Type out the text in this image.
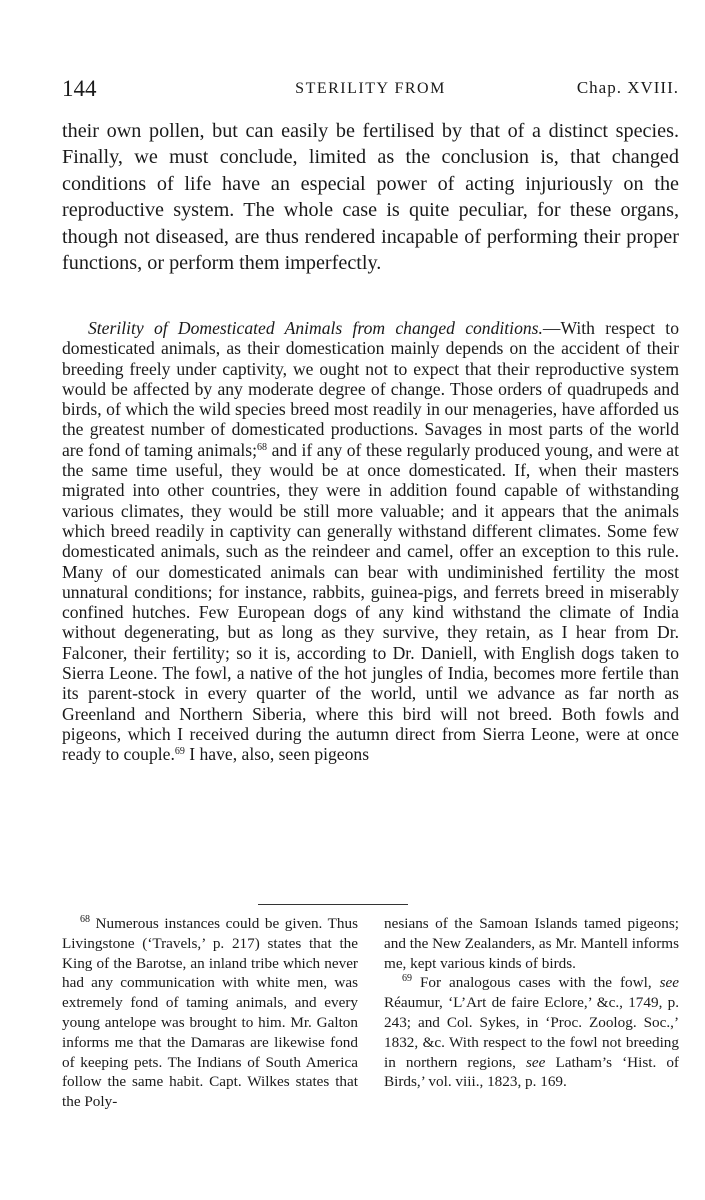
144	STERILITY FROM	Chap. XVIII.
their own pollen, but can easily be fertilised by that of a distinct species. Finally, we must conclude, limited as the conclusion is, that changed conditions of life have an especial power of acting injuriously on the reproductive system. The whole case is quite peculiar, for these organs, though not diseased, are thus rendered incapable of performing their proper functions, or perform them imperfectly.
Sterility of Domesticated Animals from changed conditions.—With respect to domesticated animals, as their domestication mainly depends on the accident of their breeding freely under captivity, we ought not to expect that their reproductive system would be affected by any moderate degree of change. Those orders of quadrupeds and birds, of which the wild species breed most readily in our menageries, have afforded us the greatest number of domesticated productions. Savages in most parts of the world are fond of taming animals;$^{68}$ and if any of these regularly produced young, and were at the same time useful, they would be at once domesticated. If, when their masters migrated into other countries, they were in addition found capable of withstanding various climates, they would be still more valuable; and it appears that the animals which breed readily in captivity can generally withstand different climates. Some few domesticated animals, such as the reindeer and camel, offer an exception to this rule. Many of our domesticated animals can bear with undiminished fertility the most unnatural conditions; for instance, rabbits, guinea-pigs, and ferrets breed in miserably confined hutches. Few European dogs of any kind withstand the climate of India without degenerating, but as long as they survive, they retain, as I hear from Dr. Falconer, their fertility; so it is, according to Dr. Daniell, with English dogs taken to Sierra Leone. The fowl, a native of the hot jungles of India, becomes more fertile than its parent-stock in every quarter of the world, until we advance as far north as Greenland and Northern Siberia, where this bird will not breed. Both fowls and pigeons, which I received during the autumn direct from Sierra Leone, were at once ready to couple.$^{69}$ I have, also, seen pigeons

$^{68}$ Numerous instances could be given. Thus Livingstone (‘Travels,’ p. 217) states that the King of the Barotse, an inland tribe which never had any communication with white men, was extremely fond of taming animals, and every young antelope was brought to him. Mr. Galton informs me that the Damaras are likewise fond of keeping pets. The Indians of South America follow the same habit. Capt. Wilkes states that the Poly-

nesians of the Samoan Islands tamed pigeons; and the New Zealanders, as Mr. Mantell informs me, kept various kinds of birds.

$^{69}$ For analogous cases with the fowl, see Réaumur, ‘L’Art de faire Eclore,’ &c., 1749, p. 243; and Col. Sykes, in ‘Proc. Zoolog. Soc.,’ 1832, &c. With respect to the fowl not breeding in northern regions, see Latham’s ‘Hist. of Birds,’ vol. viii., 1823, p. 169.
